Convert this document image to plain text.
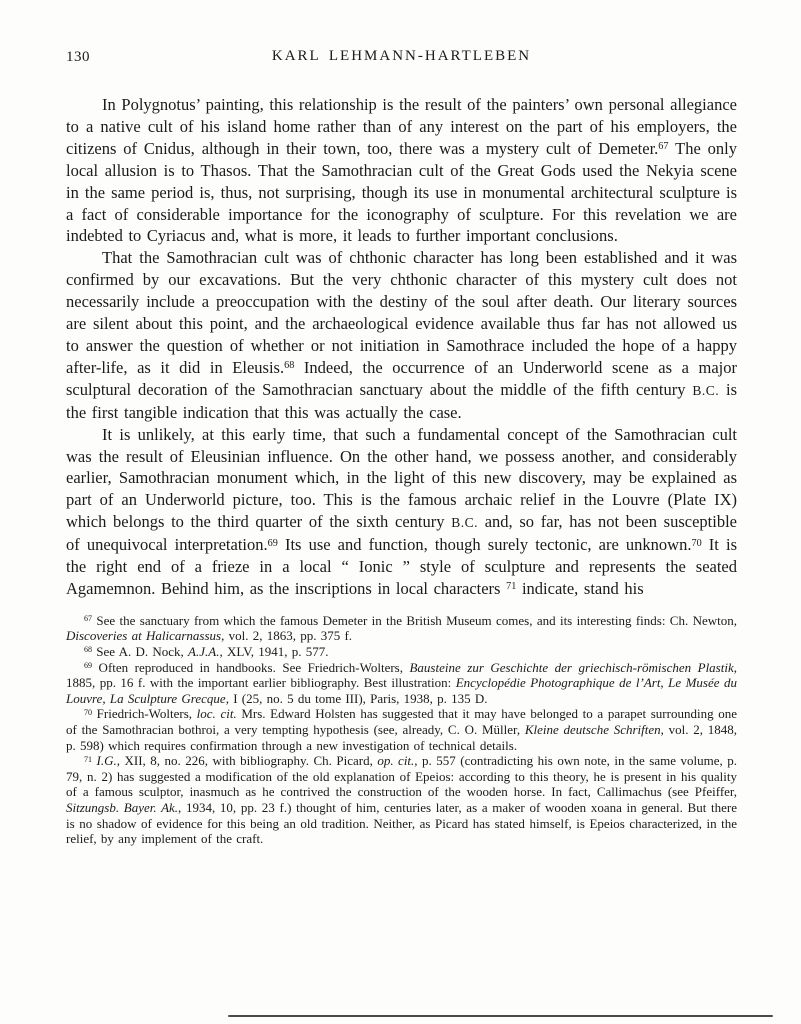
130	KARL LEHMANN-HARTLEBEN

In Polygnotus’ painting, this relationship is the result of the painters’ own personal allegiance to a native cult of his island home rather than of any interest on the part of his employers, the citizens of Cnidus, although in their town, too, there was a mystery cult of Demeter.$^{67}$ The only local allusion is to Thasos. That the Samothracian cult of the Great Gods used the Nekyia scene in the same period is, thus, not surprising, though its use in monumental architectural sculpture is a fact of considerable importance for the iconography of sculpture. For this revelation we are indebted to Cyriacus and, what is more, it leads to further important conclusions.

That the Samothracian cult was of chthonic character has long been established and it was confirmed by our excavations. But the very chthonic character of this mystery cult does not necessarily include a preoccupation with the destiny of the soul after death. Our literary sources are silent about this point, and the archaeological evidence available thus far has not allowed us to answer the question of whether or not initiation in Samothrace included the hope of a happy after-life, as it did in Eleusis.$^{68}$ Indeed, the occurrence of an Underworld scene as a major sculptural decoration of the Samothracian sanctuary about the middle of the fifth century B.C. is the first tangible indication that this was actually the case.

It is unlikely, at this early time, that such a fundamental concept of the Samothracian cult was the result of Eleusinian influence. On the other hand, we possess another, and considerably earlier, Samothracian monument which, in the light of this new discovery, may be explained as part of an Underworld picture, too. This is the famous archaic relief in the Louvre (Plate IX) which belongs to the third quarter of the sixth century B.C. and, so far, has not been susceptible of unequivocal interpretation.$^{69}$ Its use and function, though surely tectonic, are unknown.$^{70}$ It is the right end of a frieze in a local “ Ionic ” style of sculpture and represents the seated Agamemnon. Behind him, as the inscriptions in local characters $^{71}$ indicate, stand his

$^{67}$ See the sanctuary from which the famous Demeter in the British Museum comes, and its interesting finds: Ch. Newton, Discoveries at Halicarnassus, vol. 2, 1863, pp. 375 f.

$^{68}$ See A. D. Nock, A.J.A., XLV, 1941, p. 577.

$^{69}$ Often reproduced in handbooks. See Friedrich-Wolters, Bausteine zur Geschichte der griechisch-römischen Plastik, 1885, pp. 16 f. with the important earlier bibliography. Best illustration: Encyclopédie Photographique de l’Art, Le Musée du Louvre, La Sculpture Grecque, I (25, no. 5 du tome III), Paris, 1938, p. 135 D.

$^{70}$ Friedrich-Wolters, loc. cit. Mrs. Edward Holsten has suggested that it may have belonged to a parapet surrounding one of the Samothracian bothroi, a very tempting hypothesis (see, already, C. O. Müller, Kleine deutsche Schriften, vol. 2, 1848, p. 598) which requires confirmation through a new investigation of technical details.

$^{71}$ I.G., XII, 8, no. 226, with bibliography. Ch. Picard, op. cit., p. 557 (contradicting his own note, in the same volume, p. 79, n. 2) has suggested a modification of the old explanation of Epeios: according to this theory, he is present in his quality of a famous sculptor, inasmuch as he contrived the construction of the wooden horse. In fact, Callimachus (see Pfeiffer, Sitzungsb. Bayer. Ak., 1934, 10, pp. 23 f.) thought of him, centuries later, as a maker of wooden xoana in general. But there is no shadow of evidence for this being an old tradition. Neither, as Picard has stated himself, is Epeios characterized, in the relief, by any implement of the craft.
